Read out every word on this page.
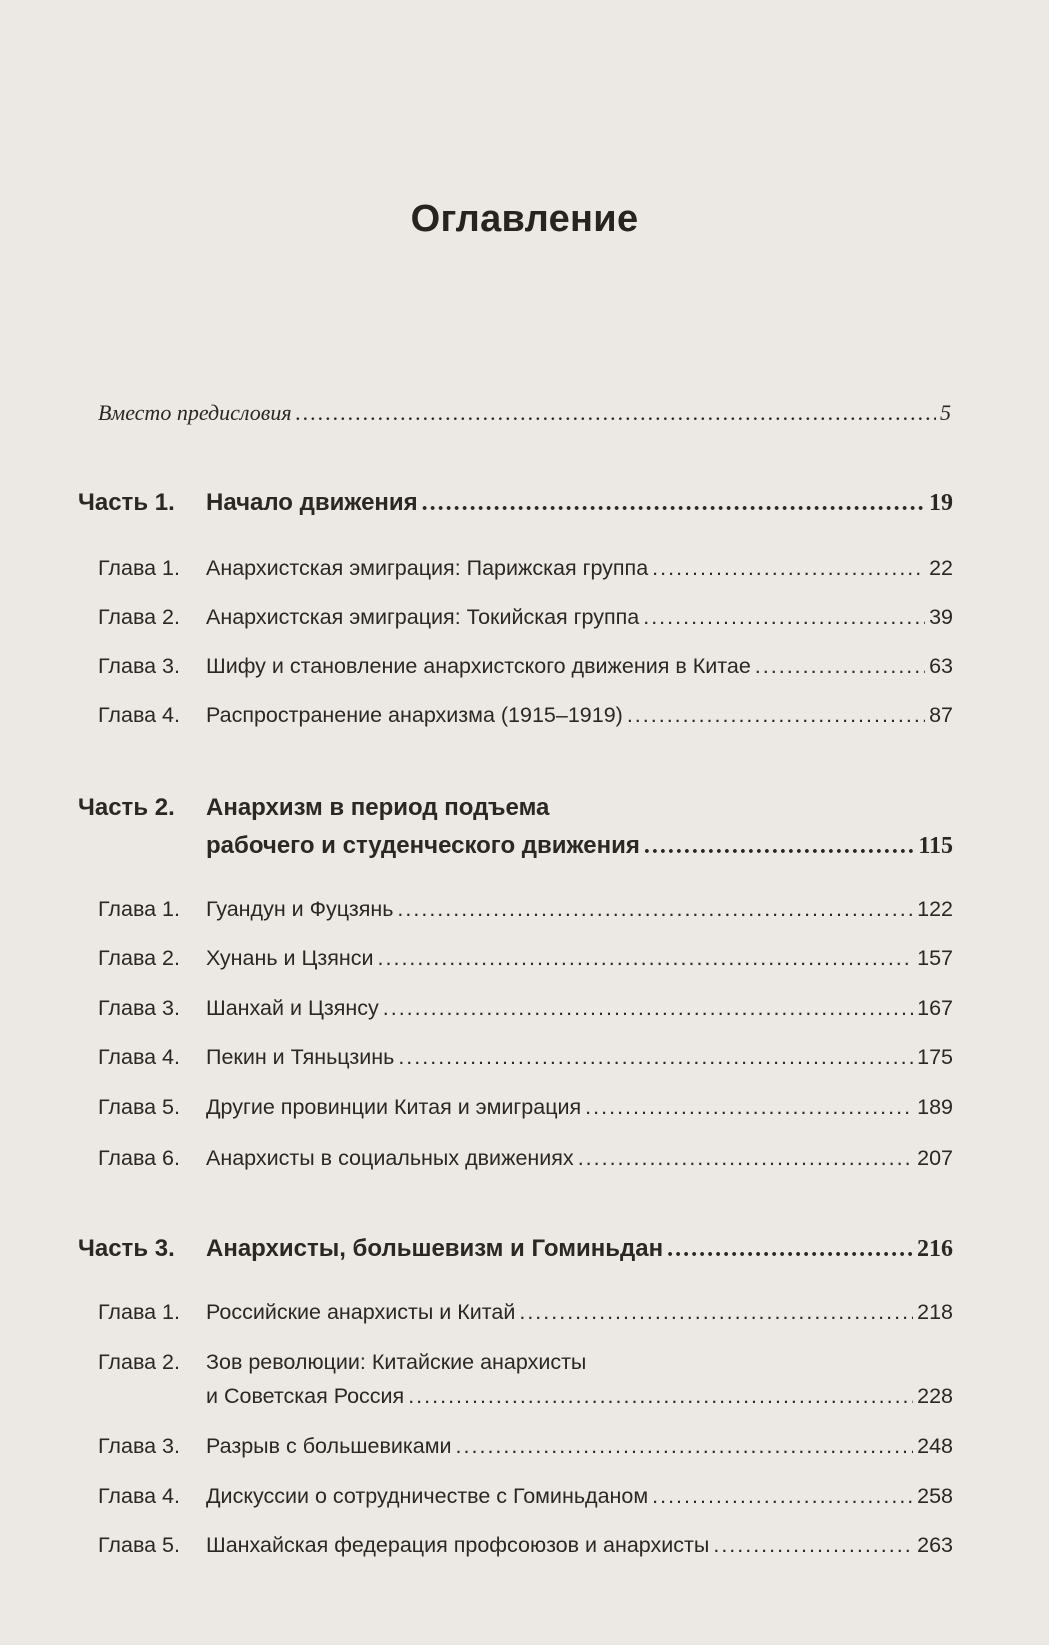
Оглавление
Вместо предисловия .....	5
Часть 1. Начало движения .....	19
Глава 1. Анархистская эмиграция: Парижская группа .....	22
Глава 2. Анархистская эмиграция: Токийская группа .....	39
Глава 3. Шифу и становление анархистского движения в Китае .....	63
Глава 4. Распространение анархизма (1915–1919) .....	87
Часть 2. Анархизм в период подъема
рабочего и студенческого движения .....	115
Глава 1. Гуандун и Фуцзянь .....	122
Глава 2. Хунань и Цзянси .....	157
Глава 3. Шанхай и Цзянсу .....	167
Глава 4. Пекин и Тяньцзинь .....	175
Глава 5. Другие провинции Китая и эмиграция .....	189
Глава 6. Анархисты в социальных движениях .....	207
Часть 3. Анархисты, большевизм и Гоминьдан .....	216
Глава 1. Российские анархисты и Китай .....	218
Глава 2. Зов революции: Китайские анархисты
и Советская Россия .....	228
Глава 3. Разрыв с большевиками .....	248
Глава 4. Дискуссии о сотрудничестве с Гоминьданом .....	258
Глава 5. Шанхайская федерация профсоюзов и анархисты .....	263
